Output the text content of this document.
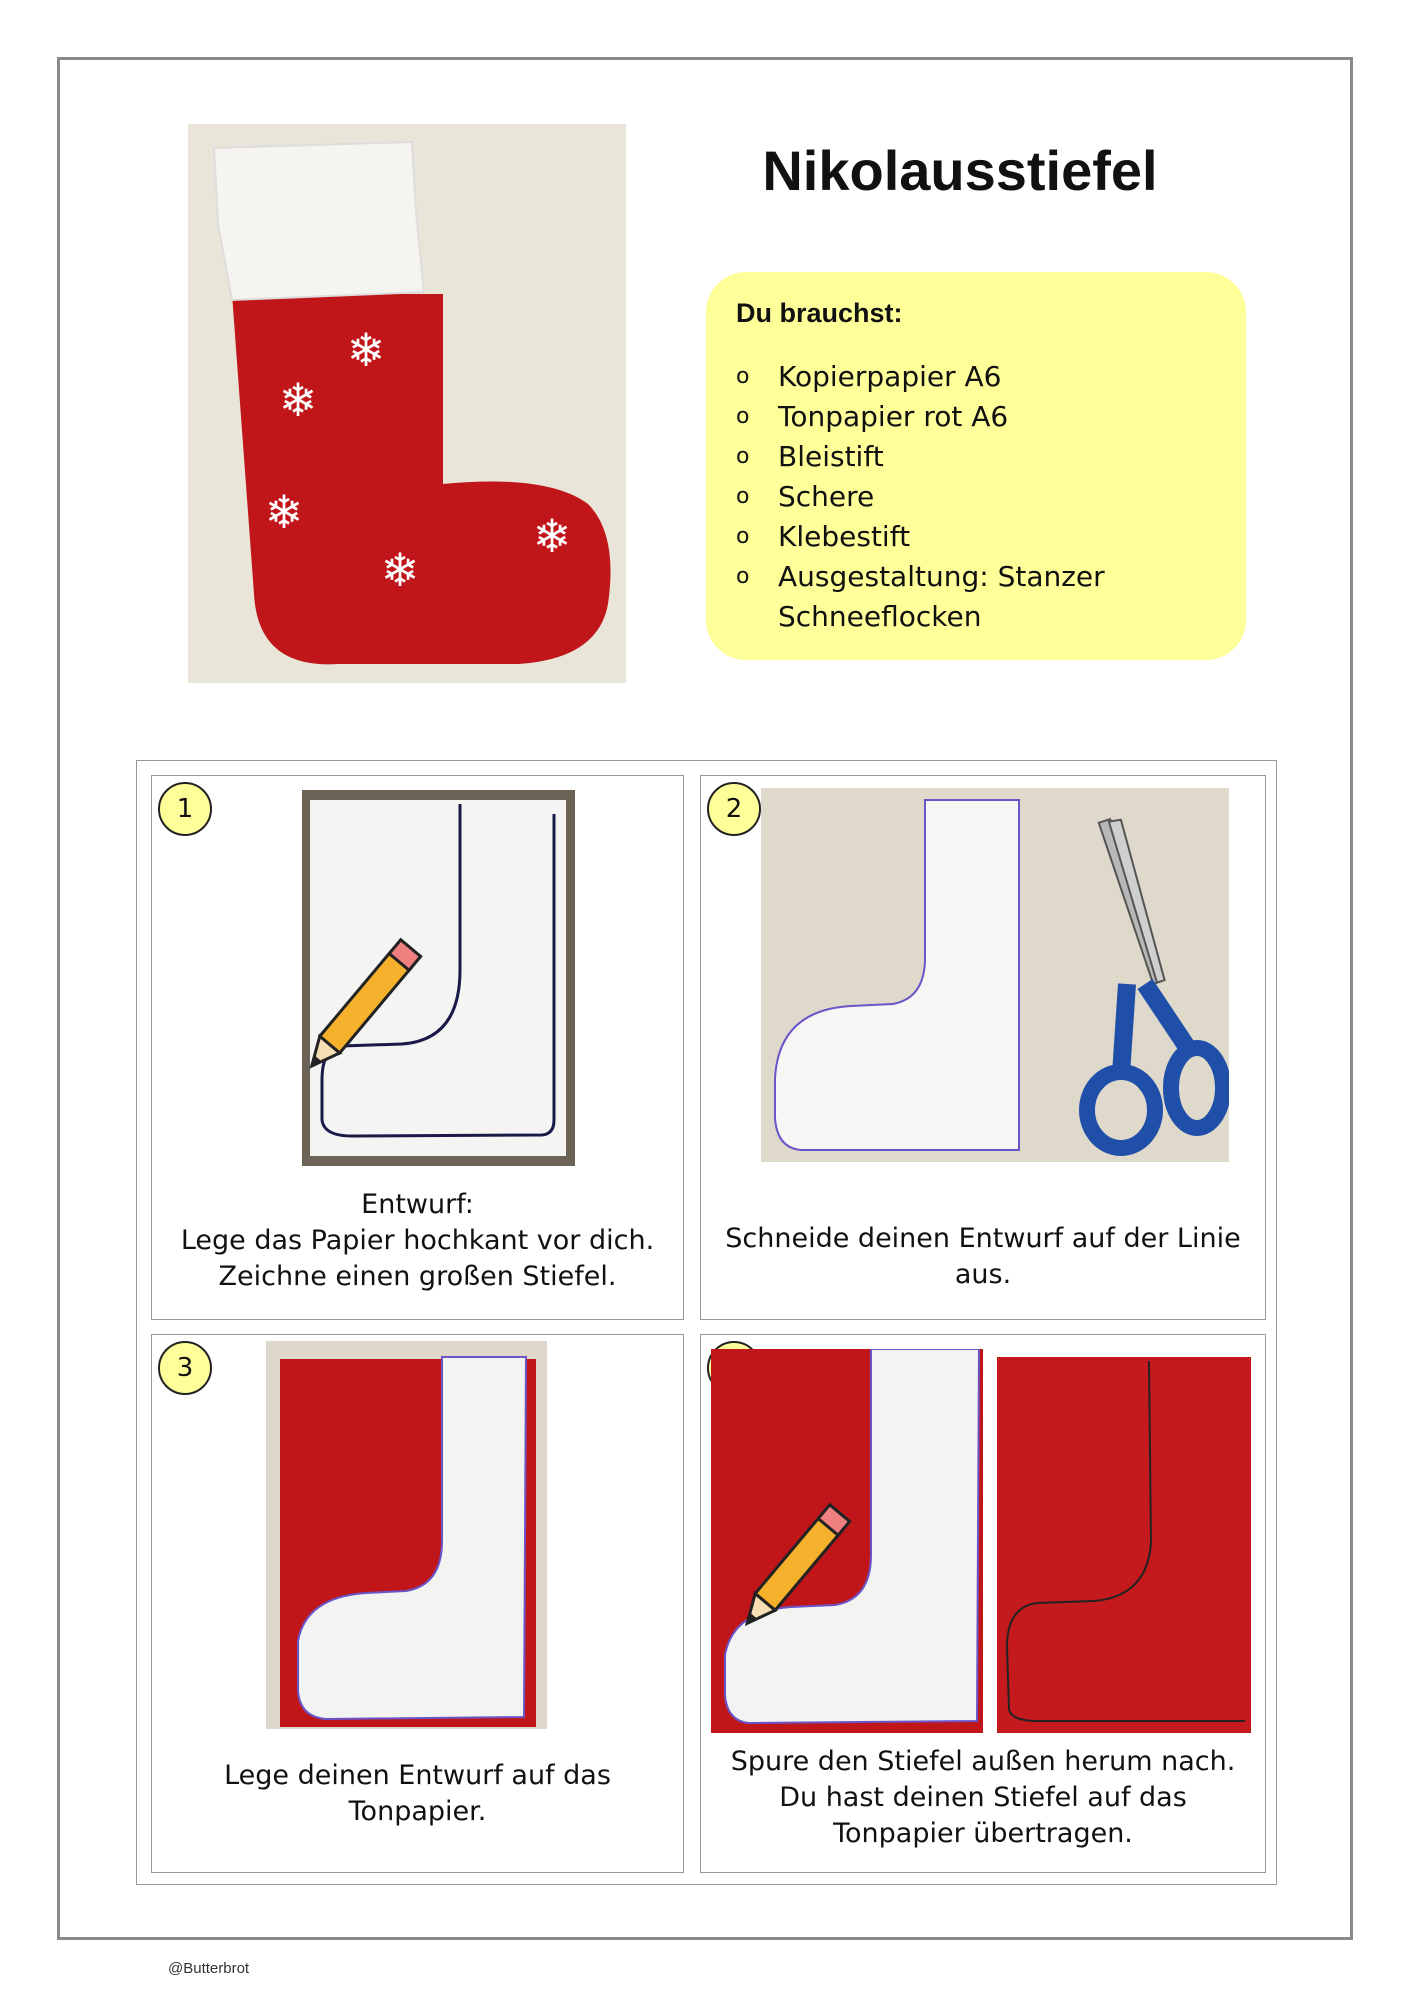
❄
❄
❄
❄
❄
Nikolausstiefel
Du brauchst:
o	Kopierpapier A6
o	Tonpapier rot A6
o	Bleistift
o	Schere
o	Klebestift
o	Ausgestaltung: Stanzer Schneeflocken
1
Entwurf:
Lege das Papier hochkant vor dich.
Zeichne einen großen Stiefel.
2
Schneide deinen Entwurf auf der Linie
aus.
3
Lege deinen Entwurf auf das
Tonpapier.
Spure den Stiefel außen herum nach.
Du hast deinen Stiefel auf das
Tonpapier übertragen.
@Butterbrot
